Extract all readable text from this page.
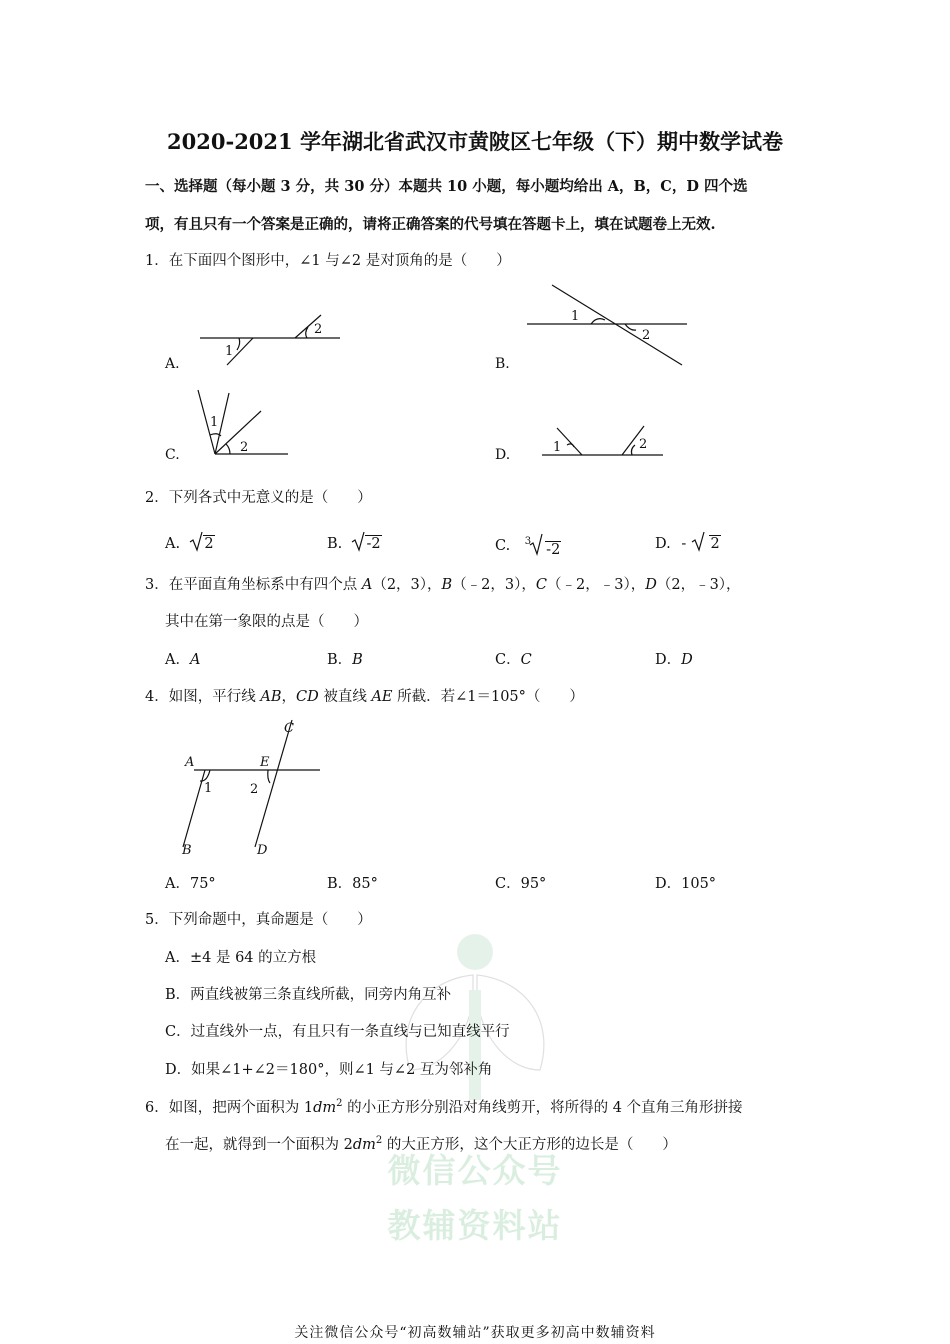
2020-2021 学年湖北省武汉市黄陂区七年级（下）期中数学试卷
一、选择题（每小题 3 分，共 30 分）本题共 10 小题，每小题均给出 A，B，C，D 四个选
项，有且只有一个答案是正确的，请将正确答案的代号填在答题卡上，填在试题卷上无效.
1．在下面四个图形中，∠1 与∠2 是对顶角的是（　　）
A.
1
2
B.
1
2
C.
1
2	D.	1	2
2．下列各式中无意义的是（　　）
A. 2	B. -2	C. $^3$-2	D. - 2
3．在平面直角坐标系中有四个点 A（2，3），B（﹣2，3），C（﹣2，﹣3），D（2，﹣3），
其中在第一象限的点是（　　）
A．A	B．B	C．C	D．D
4．如图，平行线 AB，CD 被直线 AE 所截．若∠1＝105°（　　）
A	E
C
B	D
1	2
A．75°	B．85°	C．95°	D．105°
微信公众号
教辅资料站
5．下列命题中，真命题是（　　）
A．±4 是 64 的立方根
B．两直线被第三条直线所截，同旁内角互补
C．过直线外一点，有且只有一条直线与已知直线平行
D．如果∠1+∠2＝180°，则∠1 与∠2 互为邻补角
6．如图，把两个面积为 $1dm^2$ 的小正方形分别沿对角线剪开，将所得的 4 个直角三角形拼接
在一起，就得到一个面积为 $2dm^2$ 的大正方形，这个大正方形的边长是（　　）
关注微信公众号“初高数辅站”获取更多初高中数辅资料
